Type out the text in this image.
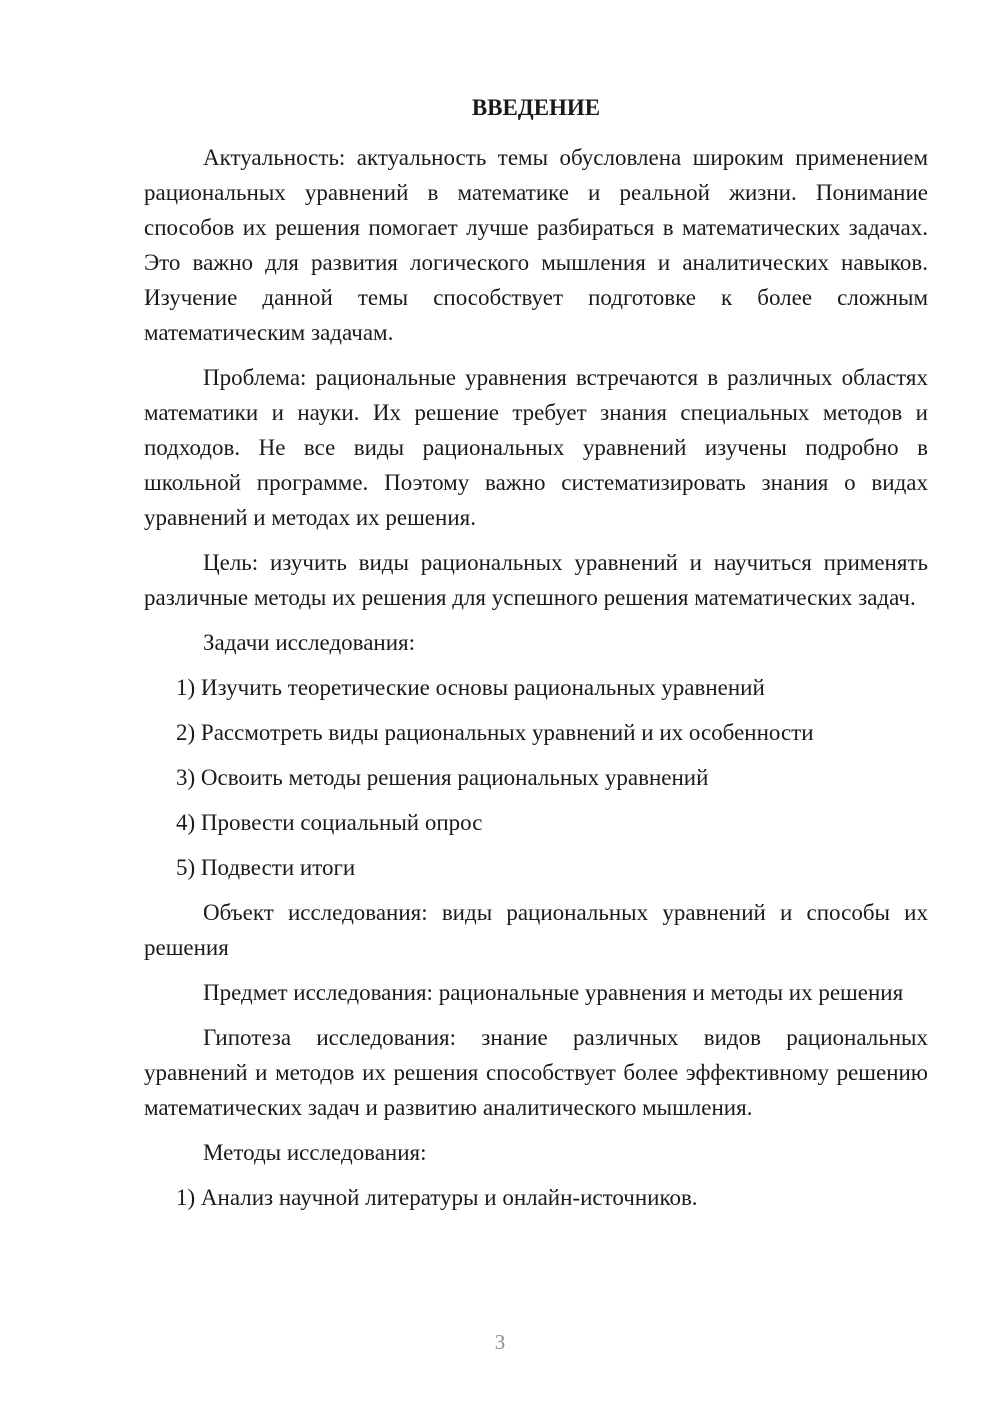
ВВЕДЕНИЕ

Актуальность: актуальность темы обусловлена широким применением рациональных уравнений в математике и реальной жизни. Понимание способов их решения помогает лучше разбираться в математических задачах. Это важно для развития логического мышления и аналитических навыков. Изучение данной темы способствует подготовке к более сложным математическим задачам.

Проблема: рациональные уравнения встречаются в различных областях математики и науки. Их решение требует знания специальных методов и подходов. Не все виды рациональных уравнений изучены подробно в школьной программе. Поэтому важно систематизировать знания о видах уравнений и методах их решения.

Цель: изучить виды рациональных уравнений и научиться применять различные методы их решения для успешного решения математических задач.

Задачи исследования:
1) Изучить теоретические основы рациональных уравнений
2) Рассмотреть виды рациональных уравнений и их особенности
3) Освоить методы решения рациональных уравнений
4) Провести социальный опрос
5) Подвести итоги

Объект исследования: виды рациональных уравнений и способы их решения

Предмет исследования: рациональные уравнения и методы их решения

Гипотеза исследования: знание различных видов рациональных уравнений и методов их решения способствует более эффективному решению математических задач и развитию аналитического мышления.

Методы исследования:
1) Анализ научной литературы и онлайн-источников.
3
